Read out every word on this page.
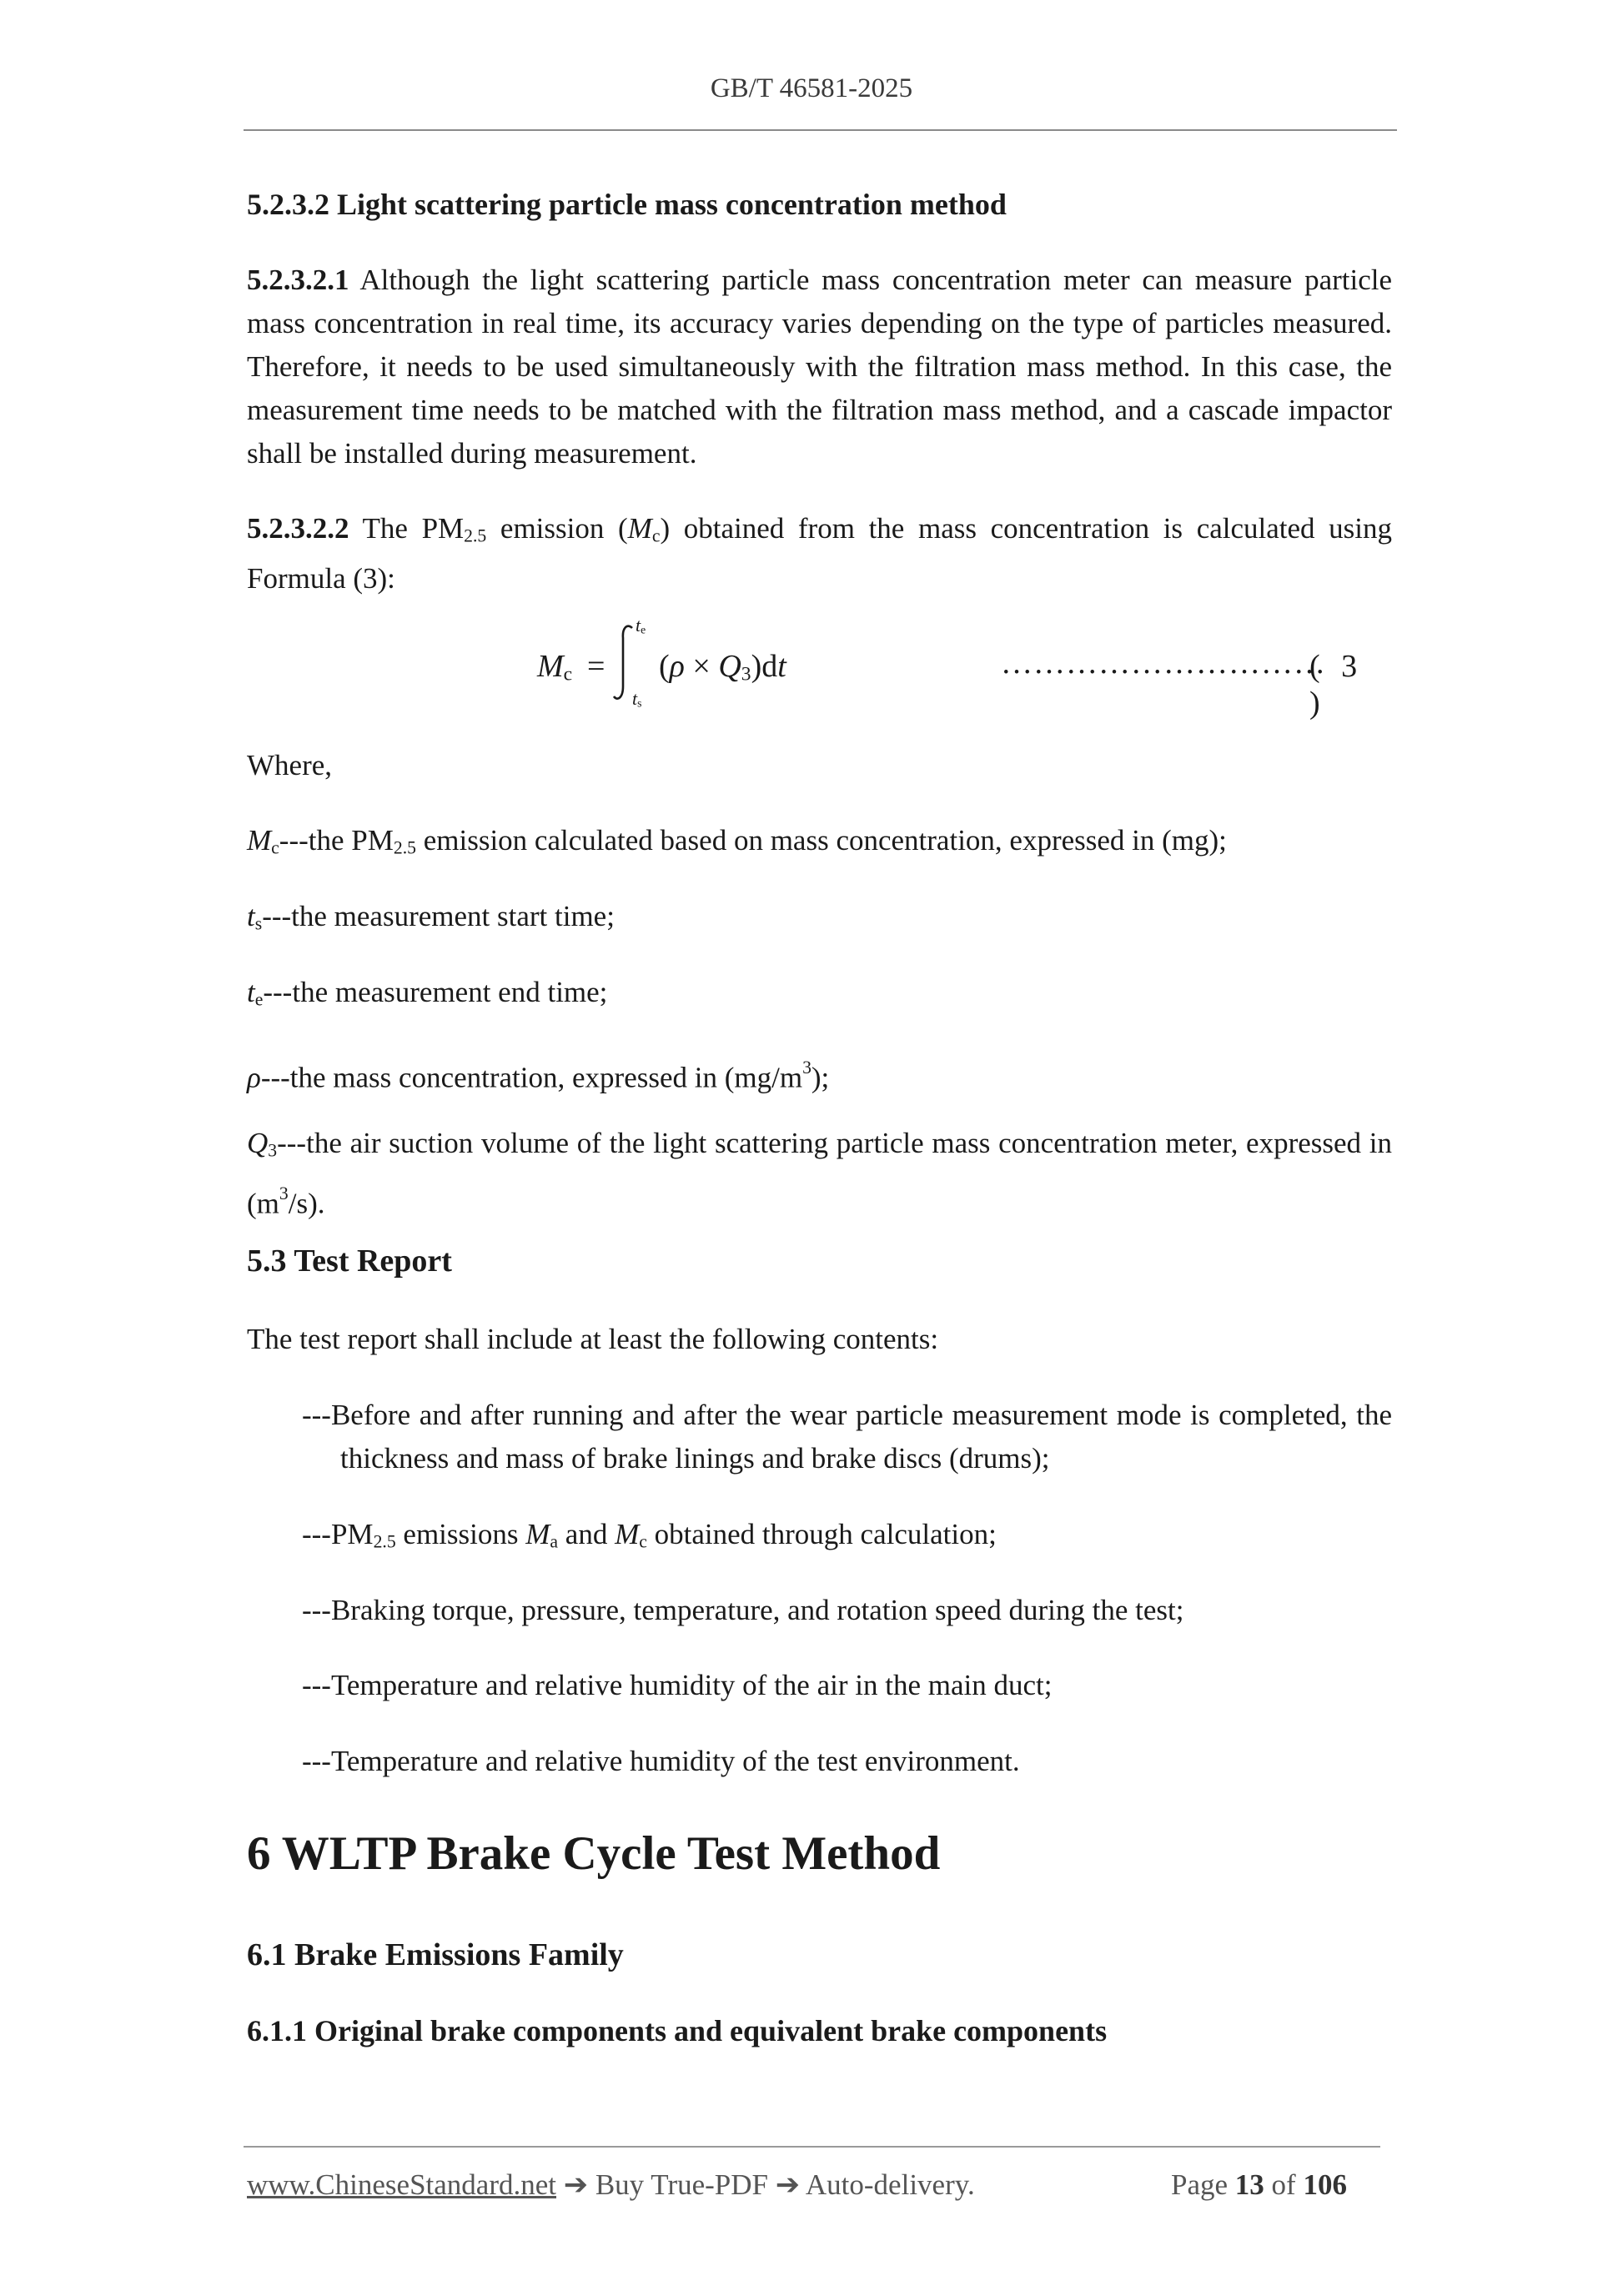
GB/T 46581-2025
5.2.3.2 Light scattering particle mass concentration method

5.2.3.2.1 Although the light scattering particle mass concentration meter can measure particle mass concentration in real time, its accuracy varies depending on the type of particles measured. Therefore, it needs to be used simultaneously with the filtration mass method. In this case, the measurement time needs to be matched with the filtration mass method, and a cascade impactor shall be installed during measurement.

5.2.3.2.2 The $PM_{2.5}$ emission $(M_c)$ obtained from the mass concentration is calculated using Formula (3):

$M_c$ =
$t_e$
$t_s$
$(\rho \times Q_3)dt$	…………………………
( 3 )

Where,

$M_c--$-the $PM_{2.5}$ emission calculated based on mass concentration, expressed in (mg);

$t_s--$-the measurement start time;

$t_e--$-the measurement end time;

ρ---the mass concentration, expressed in $(mg/m^3)$;

$Q_3--$-the air suction volume of the light scattering particle mass concentration meter, expressed in $(m^3/s)$.

5.3 Test Report

The test report shall include at least the following contents:

---Before and after running and after the wear particle measurement mode is completed, the thickness and mass of brake linings and brake discs (drums);

$---PM_{2.5}$ emissions $M_a$ and $M_c$ obtained through calculation;

---Braking torque, pressure, temperature, and rotation speed during the test;

---Temperature and relative humidity of the air in the main duct;

---Temperature and relative humidity of the test environment.

6 WLTP Brake Cycle Test Method
6.1 Brake Emissions Family
6.1.1 Original brake components and equivalent brake components
www.ChineseStandard.net ➔ Buy True-PDF ➔ Auto-delivery.	Page 13 of 106
